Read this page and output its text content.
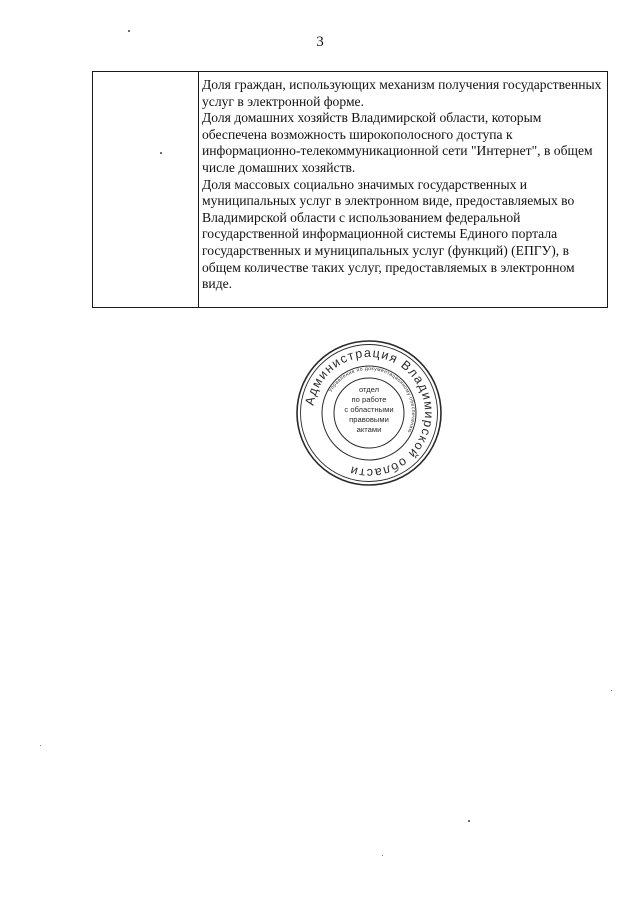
3

Доля граждан, использующих механизм получения государственных услуг в электронной форме.

Доля домашних хозяйств Владимирской области, которым обеспечена возможность широкополосного доступа к информационно-телекоммуникационной сети "Интернет", в общем числе домашних хозяйств.

Доля массовых социально значимых государственных и муниципальных услуг в электронном виде, предоставляемых во Владимирской области с использованием федеральной государственной информационной системы Единого портала государственных и муниципальных услуг (функций) (ЕПГУ), в общем количестве таких услуг, предоставляемых в электронном виде.

Администрация Владимирской области
Управление по документационному обеспечению
отдел
по работе
с областными
правовыми
актами
